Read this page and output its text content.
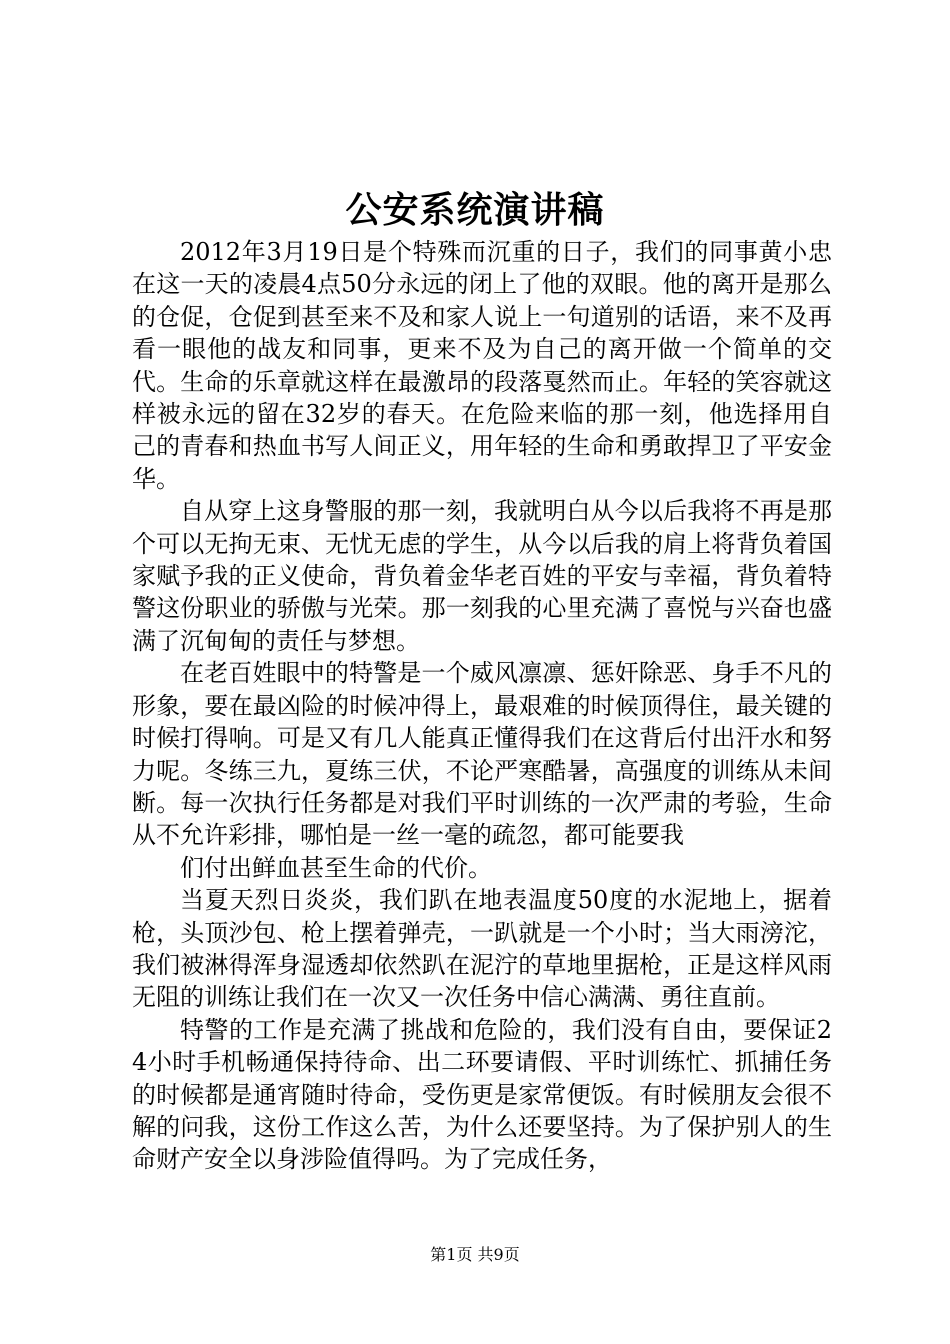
公安系统演讲稿

2012年3月19日是个特殊而沉重的日子，我们的同事黄小忠在这一天的凌晨4点50分永远的闭上了他的双眼。他的离开是那么的仓促，仓促到甚至来不及和家人说上一句道别的话语，来不及再看一眼他的战友和同事，更来不及为自己的离开做一个简单的交代。生命的乐章就这样在最激昂的段落戛然而止。年轻的笑容就这样被永远的留在32岁的春天。在危险来临的那一刻，他选择用自己的青春和热血书写人间正义，用年轻的生命和勇敢捍卫了平安金华。

自从穿上这身警服的那一刻，我就明白从今以后我将不再是那个可以无拘无束、无忧无虑的学生，从今以后我的肩上将背负着国家赋予我的正义使命，背负着金华老百姓的平安与幸福，背负着特警这份职业的骄傲与光荣。那一刻我的心里充满了喜悦与兴奋也盛满了沉甸甸的责任与梦想。

在老百姓眼中的特警是一个威风凛凛、惩奸除恶、身手不凡的形象，要在最凶险的时候冲得上，最艰难的时候顶得住，最关键的时候打得响。可是又有几人能真正懂得我们在这背后付出汗水和努力呢。冬练三九，夏练三伏，不论严寒酷暑，高强度的训练从未间断。每一次执行任务都是对我们平时训练的一次严肃的考验，生命从不允许彩排，哪怕是一丝一毫的疏忽，都可能要我

们付出鲜血甚至生命的代价。

当夏天烈日炎炎，我们趴在地表温度50度的水泥地上，据着枪，头顶沙包、枪上摆着弹壳，一趴就是一个小时；当大雨滂沱，我们被淋得浑身湿透却依然趴在泥泞的草地里据枪，正是这样风雨无阻的训练让我们在一次又一次任务中信心满满、勇往直前。

特警的工作是充满了挑战和危险的，我们没有自由，要保证24小时手机畅通保持待命、出二环要请假、平时训练忙、抓捕任务的时候都是通宵随时待命，受伤更是家常便饭。有时候朋友会很不解的问我，这份工作这么苦，为什么还要坚持。为了保护别人的生命财产安全以身涉险值得吗。为了完成任务，

第1页 共9页
